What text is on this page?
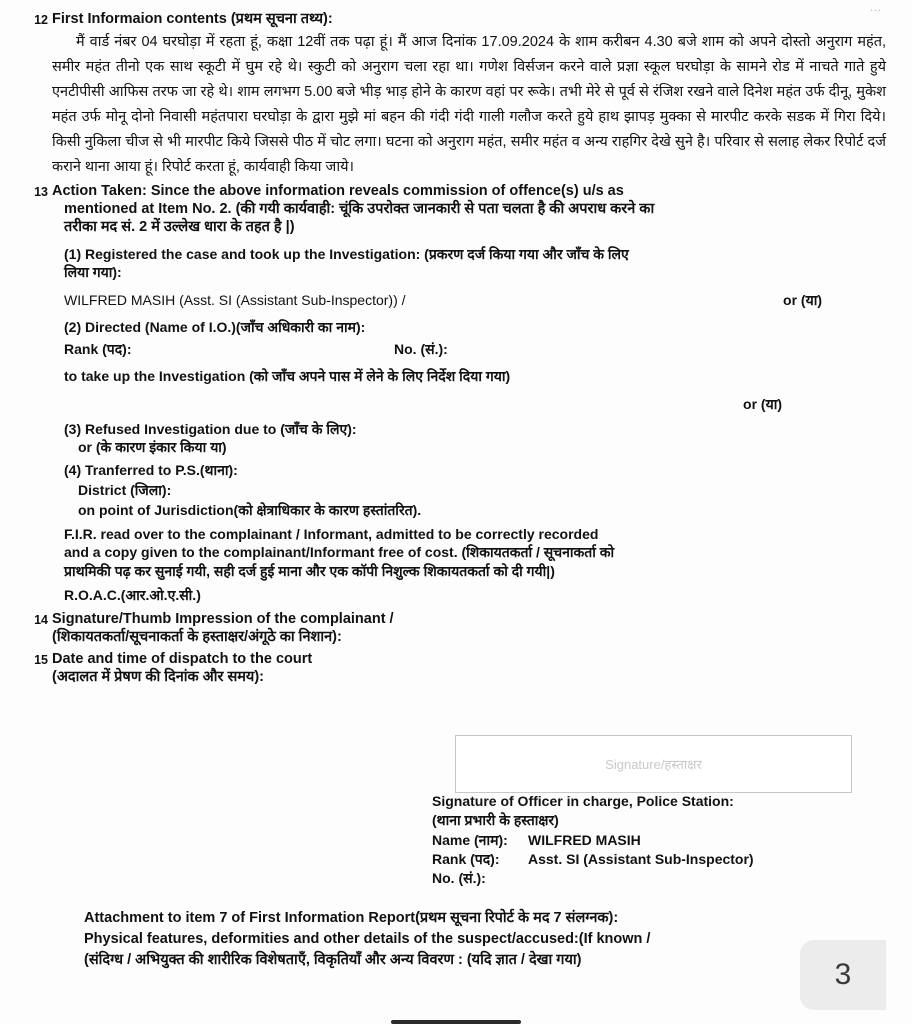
…
12 First Informaion contents (प्रथम सूचना तथ्य):
मैं वार्ड नंबर 04 घरघोड़ा में रहता हूं, कक्षा 12वीं तक पढ़ा हूं। मैं आज दिनांक 17.09.2024 के शाम करीबन 4.30 बजे शाम को अपने दोस्तो अनुराग महंत, समीर महंत तीनो एक साथ स्कूटी में घुम रहे थे। स्कुटी को अनुराग चला रहा था। गणेश विर्सजन करने वाले प्रज्ञा स्कूल घरघोड़ा के सामने रोड में नाचते गाते हुये एनटीपीसी आफिस तरफ जा रहे थे। शाम लगभग 5.00 बजे भीड़ भाड़ होने के कारण वहां पर रूके। तभी मेरे से पूर्व से रंजिश रखने वाले दिनेश महंत उर्फ दीनू, मुकेश महंत उर्फ मोनू दोनो निवासी महंतपारा घरघोड़ा के द्वारा मुझे मां बहन की गंदी गंदी गाली गलौज करते हुये हाथ झापड़ मुक्का से मारपीट करके सडक में गिरा दिये। किसी नुकिला चीज से भी मारपीट किये जिससे पीठ में चोट लगा। घटना को अनुराग महंत, समीर महंत व अन्य राहगिर देखे सुने है। परिवार से सलाह लेकर रिपोर्ट दर्ज कराने थाना आया हूं। रिपोर्ट करता हूं, कार्यवाही किया जाये।
13 Action Taken: Since the above information reveals commission of offence(s) u/s as
mentioned at Item No. 2. (की गयी कार्यवाही: चूंकि उपरोक्त जानकारी से पता चलता है की अपराध करने का
तरीका मद सं. 2 में उल्लेख धारा के तहत है |)
(1) Registered the case and took up the Investigation: (प्रकरण दर्ज किया गया और जाँच के लिए
लिया गया):
WILFRED MASIH (Asst. SI (Assistant Sub-Inspector)) /	or (या)
(2) Directed (Name of I.O.)(जाँच अधिकारी का नाम):
Rank (पद):	No. (सं.):
to take up the Investigation (को जाँच अपने पास में लेने के लिए निर्देश दिया गया)
or (या)
(3) Refused Investigation due to (जाँच के लिए):
or (के कारण इंकार किया या)
(4) Tranferred to P.S.(थाना):
District (जिला):
on point of Jurisdiction(को क्षेत्राधिकार के कारण हस्तांतरित).
F.I.R. read over to the complainant / Informant, admitted to be correctly recorded
and a copy given to the complainant/Informant free of cost. (शिकायतकर्ता / सूचनाकर्ता को
प्राथमिकी पढ़ कर सुनाई गयी, सही दर्ज हुई माना और एक कॉपी निशुल्क शिकायतकर्ता को दी गयी|)
R.O.A.C.(आर.ओ.ए.सी.)
14 Signature/Thumb Impression of the complainant /
(शिकायतकर्ता/सूचनाकर्ता के हस्ताक्षर/अंगूठे का निशान):
15 Date and time of dispatch to the court
(अदालत में प्रेषण की दिनांक और समय):
Signature/हस्ताक्षर
Signature of Officer in charge, Police Station:
(थाना प्रभारी के हस्ताक्षर)
Name (नाम):	WILFRED MASIH
Rank (पद):	Asst. SI (Assistant Sub-Inspector)
No. (सं.):
Attachment to item 7 of First Information Report(प्रथम सूचना रिपोर्ट के मद 7 संलग्नक):
Physical features, deformities and other details of the suspect/accused:(If known /
(संदिग्ध / अभियुक्त की शारीरिक विशेषताएँ, विकृतियाँ और अन्य विवरण : (यदि ज्ञात / देखा गया)	3
